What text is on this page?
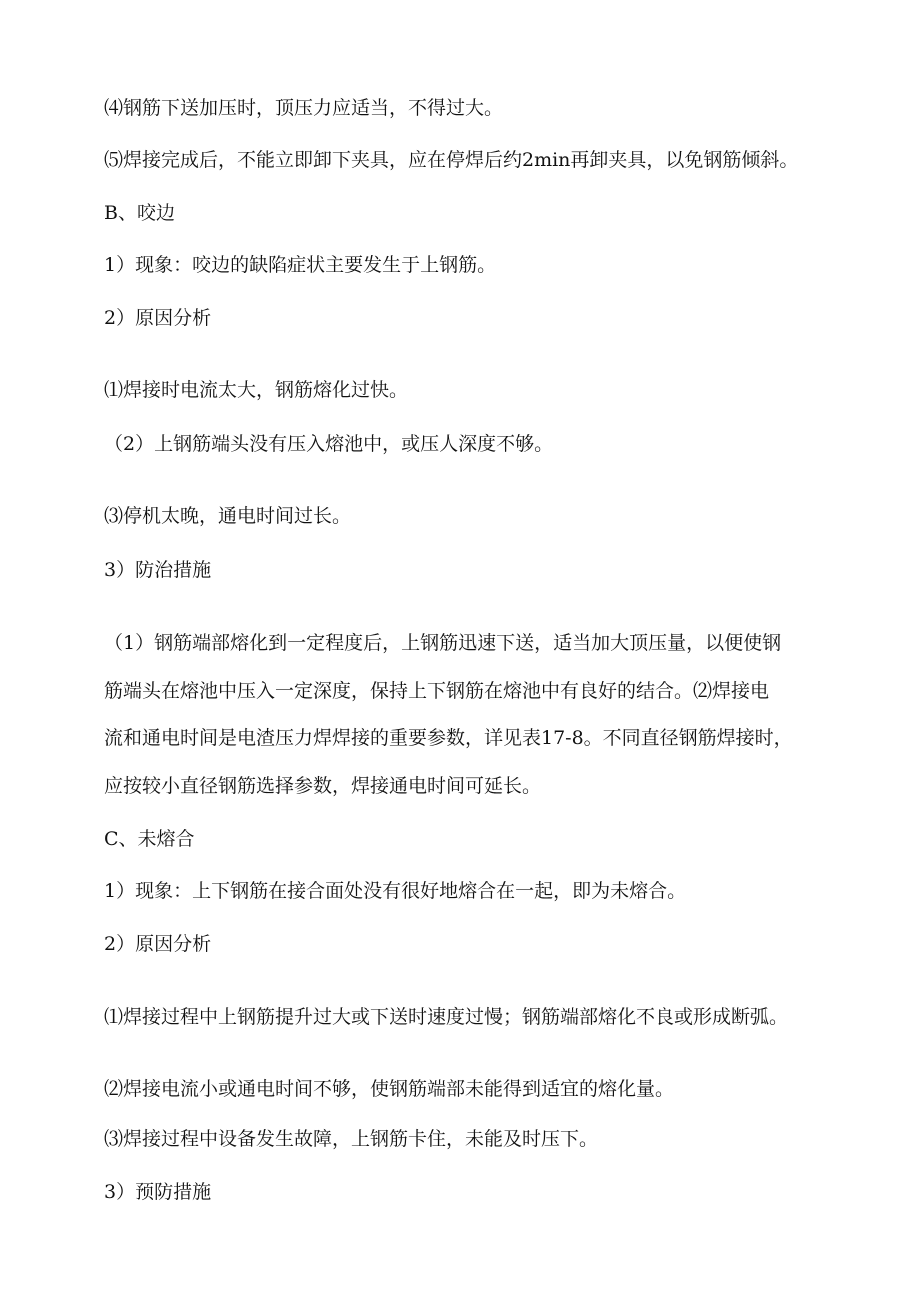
⑷钢筋下送加压时，顶压力应适当，不得过大。
⑸焊接完成后，不能立即卸下夹具，应在停焊后约2min再卸夹具，以免钢筋倾斜。
B、咬边
1）现象：咬边的缺陷症状主要发生于上钢筋。
2）原因分析
⑴焊接时电流太大，钢筋熔化过快。
（2）上钢筋端头没有压入熔池中，或压人深度不够。
⑶停机太晚，通电时间过长。
3）防治措施
（1）钢筋端部熔化到一定程度后，上钢筋迅速下送，适当加大顶压量，以便使钢
筋端头在熔池中压入一定深度，保持上下钢筋在熔池中有良好的结合。⑵焊接电
流和通电时间是电渣压力焊焊接的重要参数，详见表17-8。不同直径钢筋焊接时，
应按较小直径钢筋选择参数，焊接通电时间可延长。
C、未熔合
1）现象：上下钢筋在接合面处没有很好地熔合在一起，即为未熔合。
2）原因分析
⑴焊接过程中上钢筋提升过大或下送时速度过慢；钢筋端部熔化不良或形成断弧。
⑵焊接电流小或通电时间不够，使钢筋端部未能得到适宜的熔化量。
⑶焊接过程中设备发生故障，上钢筋卡住，未能及时压下。
3）预防措施
